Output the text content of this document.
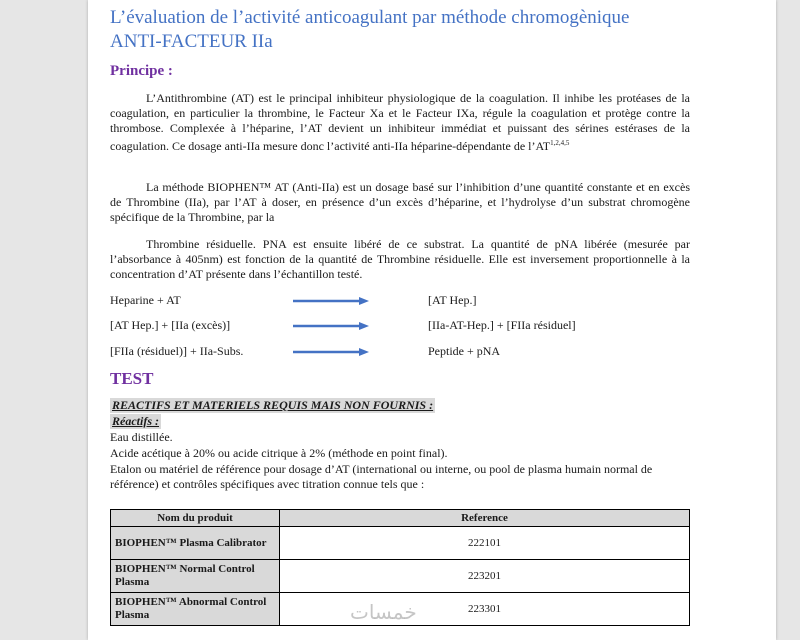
L’évaluation de l’activité anticoagulant par méthode chromogènique
ANTI-FACTEUR IIa
Principe :
L’Antithrombine (AT) est le principal inhibiteur physiologique de la coagulation. Il inhibe les protéases de la coagulation, en particulier la thrombine, le Facteur Xa et le Facteur IXa, régule la coagulation et protège contre la thrombose. Complexée à l’héparine, l’AT devient un inhibiteur immédiat et puissant des sérines estérases de la coagulation. Ce dosage anti-IIa mesure donc l’activité anti-IIa héparine-dépendante de l’AT$^{1,2,4,5}$
La méthode BIOPHEN™ AT (Anti-IIa) est un dosage basé sur l’inhibition d’une quantité constante et en excès de Thrombine (IIa), par l’AT à doser, en présence d’un excès d’héparine, et l’hydrolyse d’un substrat chromogène spécifique de la Thrombine, par la
Thrombine résiduelle. PNA est ensuite libéré de ce substrat. La quantité de pNA libérée (mesurée par l’absorbance à 405nm) est fonction de la quantité de Thrombine résiduelle. Elle est inversement proportionnelle à la concentration d’AT présente dans l’échantillon testé.
Heparine + AT	[AT Hep.]
[AT Hep.] + [IIa (excès)]	[IIa-AT-Hep.] + [FIIa résiduel]
[FIIa (résiduel)] + IIa-Subs.	Peptide + pNA
TEST
REACTIFS ET MATERIELS REQUIS MAIS NON FOURNIS :
Réactifs :
Eau distillée.
Acide acétique à 20% ou acide citrique à 2% (méthode en point final).
Etalon ou matériel de référence pour dosage d’AT (international ou interne, ou pool de plasma humain normal de référence) et contrôles spécifiques avec titration connue tels que :
Nom du produit	Reference
BIOPHEN™ Plasma Calibrator	222101
BIOPHEN™ Normal Control Plasma	223201
BIOPHEN™ Abnormal Control Plasma	223301
خمسات
